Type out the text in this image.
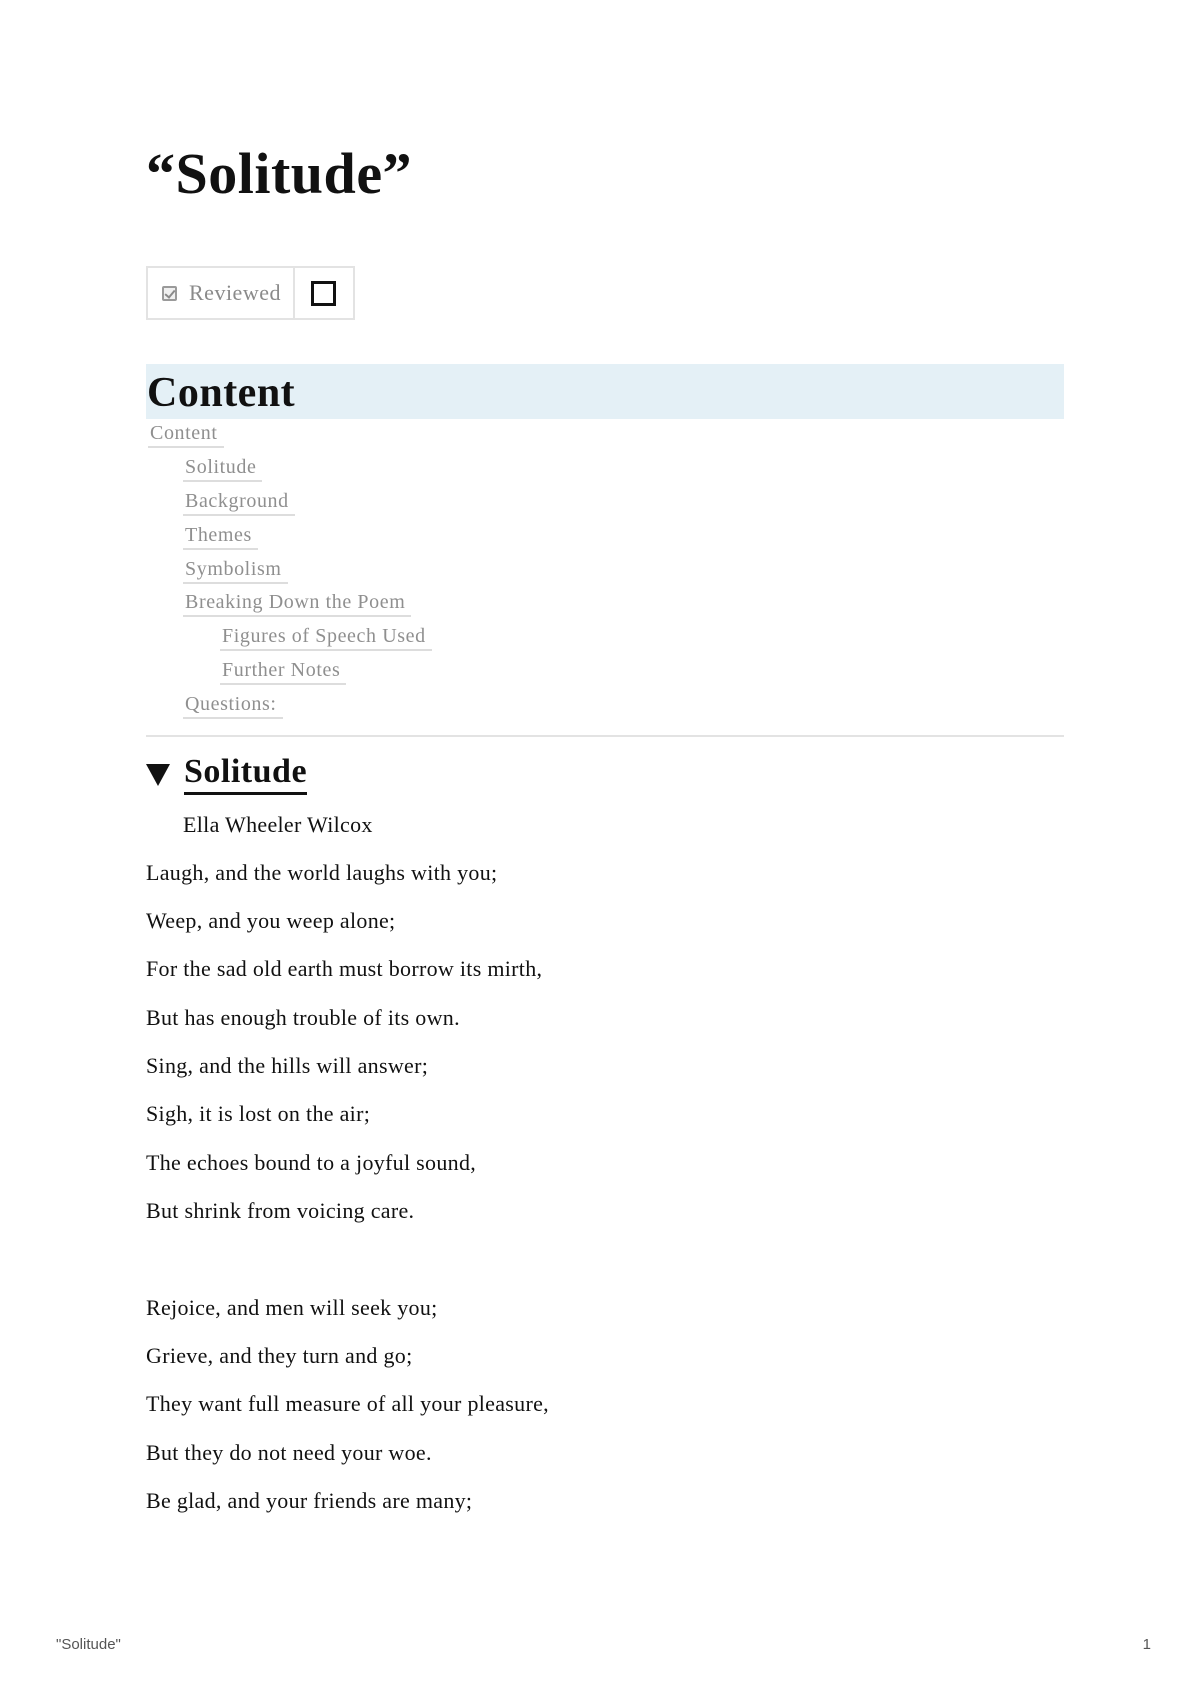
“Solitude”
Reviewed
Content
Content
Solitude
Background
Themes
Symbolism
Breaking Down the Poem
Figures of Speech Used
Further Notes
Questions:
Solitude
Ella Wheeler Wilcox
Laugh, and the world laughs with you;
Weep, and you weep alone;
For the sad old earth must borrow its mirth,
But has enough trouble of its own.
Sing, and the hills will answer;
Sigh, it is lost on the air;
The echoes bound to a joyful sound,
But shrink from voicing care.
Rejoice, and men will seek you;
Grieve, and they turn and go;
They want full measure of all your pleasure,
But they do not need your woe.
Be glad, and your friends are many;
"Solitude"	1
